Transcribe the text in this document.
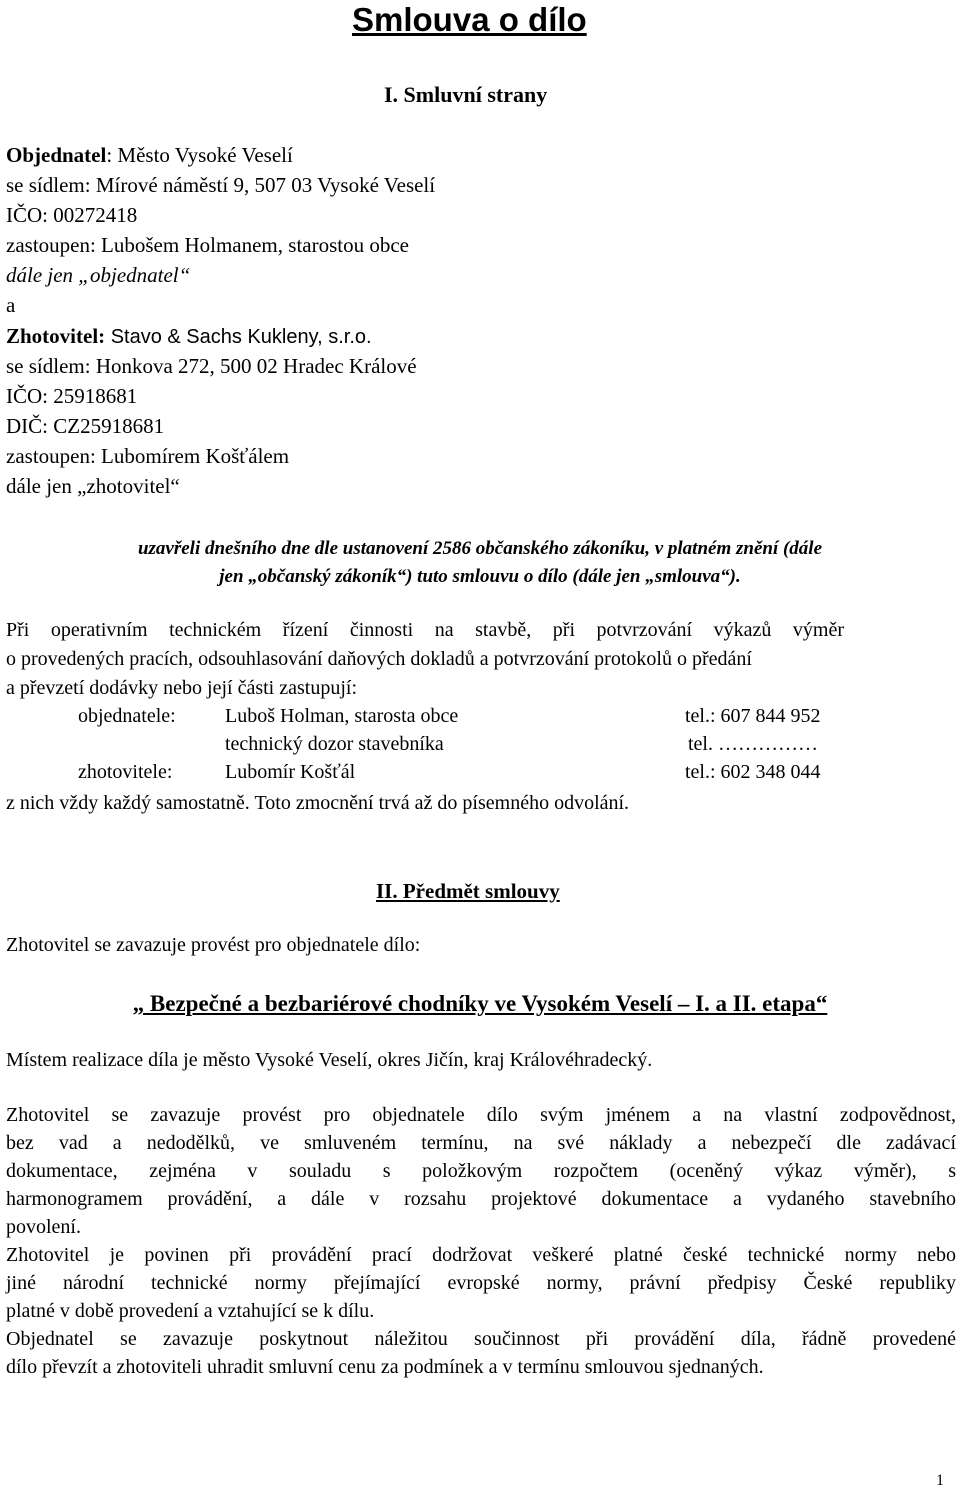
Smlouva o dílo
I. Smluvní strany
Objednatel: Město Vysoké Veselí
se sídlem: Mírové náměstí 9, 507 03 Vysoké Veselí
IČO: 00272418
zastoupen: Lubošem Holmanem, starostou obce
dále jen „objednatel“
a
Zhotovitel: Stavo & Sachs Kukleny, s.r.o.
se sídlem: Honkova 272, 500 02 Hradec Králové
IČO: 25918681
DIČ: CZ25918681
zastoupen: Lubomírem Košťálem
dále jen „zhotovitel“
uzavřeli dnešního dne dle ustanovení 2586 občanského zákoníku, v platném znění (dále
jen „občanský zákoník“) tuto smlouvu o dílo (dále jen „smlouva“).
Při operativním technickém řízení činnosti na stavbě, při potvrzování výkazů výměr
o provedených pracích, odsouhlasování daňových dokladů a potvrzování protokolů o předání
a převzetí dodávky nebo její části zastupují:
objednatele: Luboš Holman, starosta obce	tel.: 607 844 952
technický dozor stavebníka	tel. ……………
zhotovitele:	Lubomír Košťál	tel.: 602 348 044
z nich vždy každý samostatně. Toto zmocnění trvá až do písemného odvolání.
II. Předmět smlouvy
Zhotovitel se zavazuje provést pro objednatele dílo:
„ Bezpečné a bezbariérové chodníky ve Vysokém Veselí – I. a II. etapa“
Místem realizace díla je město Vysoké Veselí, okres Jičín, kraj Královéhradecký.
Zhotovitel se zavazuje provést pro objednatele dílo svým jménem a na vlastní zodpovědnost,
bez vad a nedodělků, ve smluveném termínu, na své náklady a nebezpečí dle zadávací
dokumentace, zejména v souladu s položkovým rozpočtem (oceněný výkaz výměr), s
harmonogramem provádění, a dále v rozsahu projektové dokumentace a vydaného stavebního
povolení.
Zhotovitel je povinen při provádění prací dodržovat veškeré platné české technické normy nebo
jiné národní technické normy přejímající evropské normy, právní předpisy České republiky
platné v době provedení a vztahující se k dílu.
Objednatel se zavazuje poskytnout náležitou součinnost při provádění díla, řádně provedené
dílo převzít a zhotoviteli uhradit smluvní cenu za podmínek a v termínu smlouvou sjednaných.
1
